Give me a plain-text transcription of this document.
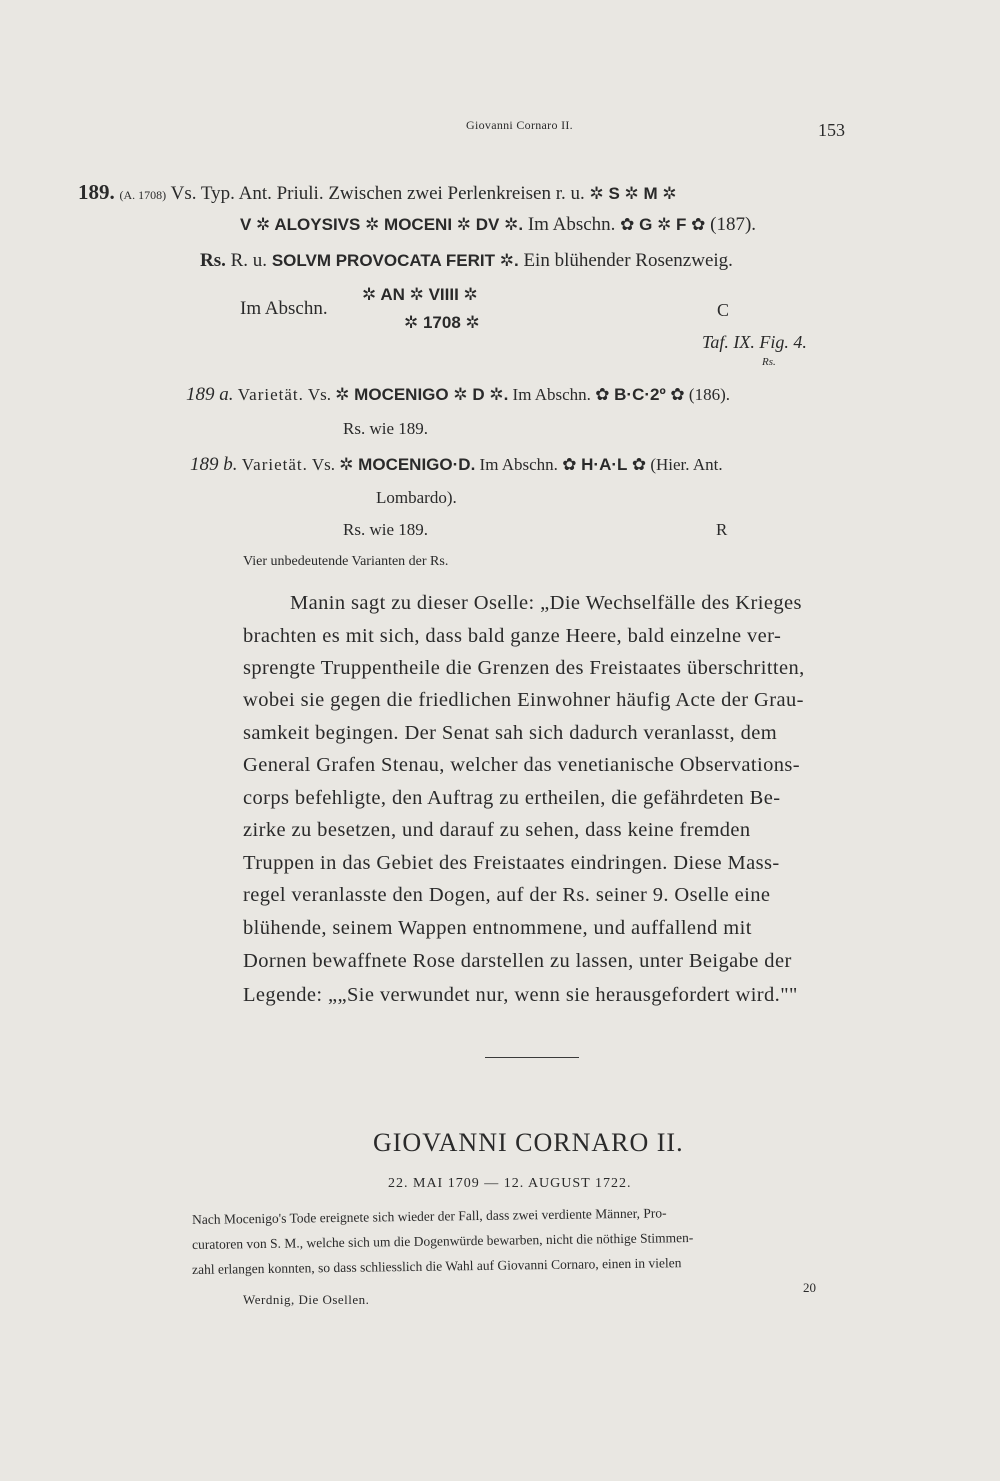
Giovanni Cornaro II.	153
189. (A. 1708) Vs. Typ. Ant. Priuli. Zwischen zwei Perlenkreisen r. u. ✲ S ✲ M ✲
V ✲ ALOYSIVS ✲ MOCENI ✲ DV ✲. Im Abschn. ✿ G ✲ F ✿ (187).
Rs. R. u. SOLVM PROVOCATA FERIT ✲. Ein blühender Rosenzweig.
Im Abschn.
✲ AN ✲ VIIII ✲
✲ 1708 ✲
C
Taf. IX. Fig. 4.
Rs.
189 a. Varietät. Vs. ✲ MOCENIGO ✲ D ✲. Im Abschn. ✿ B·C·2º ✿ (186).
Rs. wie 189.
189 b. Varietät. Vs. ✲ MOCENIGO·D. Im Abschn. ✿ H·A·L ✿ (Hier. Ant.
Lombardo).
Rs. wie 189.	R
Vier unbedeutende Varianten der Rs.
Manin sagt zu dieser Oselle: „Die Wechselfälle des Krieges
brachten es mit sich, dass bald ganze Heere, bald einzelne ver-
sprengte Truppentheile die Grenzen des Freistaates überschritten,
wobei sie gegen die friedlichen Einwohner häufig Acte der Grau-
samkeit begingen. Der Senat sah sich dadurch veranlasst, dem
General Grafen Stenau, welcher das venetianische Observations-
corps befehligte, den Auftrag zu ertheilen, die gefährdeten Be-
zirke zu besetzen, und darauf zu sehen, dass keine fremden
Truppen in das Gebiet des Freistaates eindringen. Diese Mass-
regel veranlasste den Dogen, auf der Rs. seiner 9. Oselle eine
blühende, seinem Wappen entnommene, und auffallend mit
Dornen bewaffnete Rose darstellen zu lassen, unter Beigabe der
Legende: „„Sie verwundet nur, wenn sie herausgefordert wird.""
GIOVANNI CORNARO II.
22. MAI 1709 — 12. AUGUST 1722.
Nach Mocenigo's Tode ereignete sich wieder der Fall, dass zwei verdiente Männer, Pro-
curatoren von S. M., welche sich um die Dogenwürde bewarben, nicht die nöthige Stimmen-
zahl erlangen konnten, so dass schliesslich die Wahl auf Giovanni Cornaro, einen in vielen
Werdnig, Die Osellen.
20
